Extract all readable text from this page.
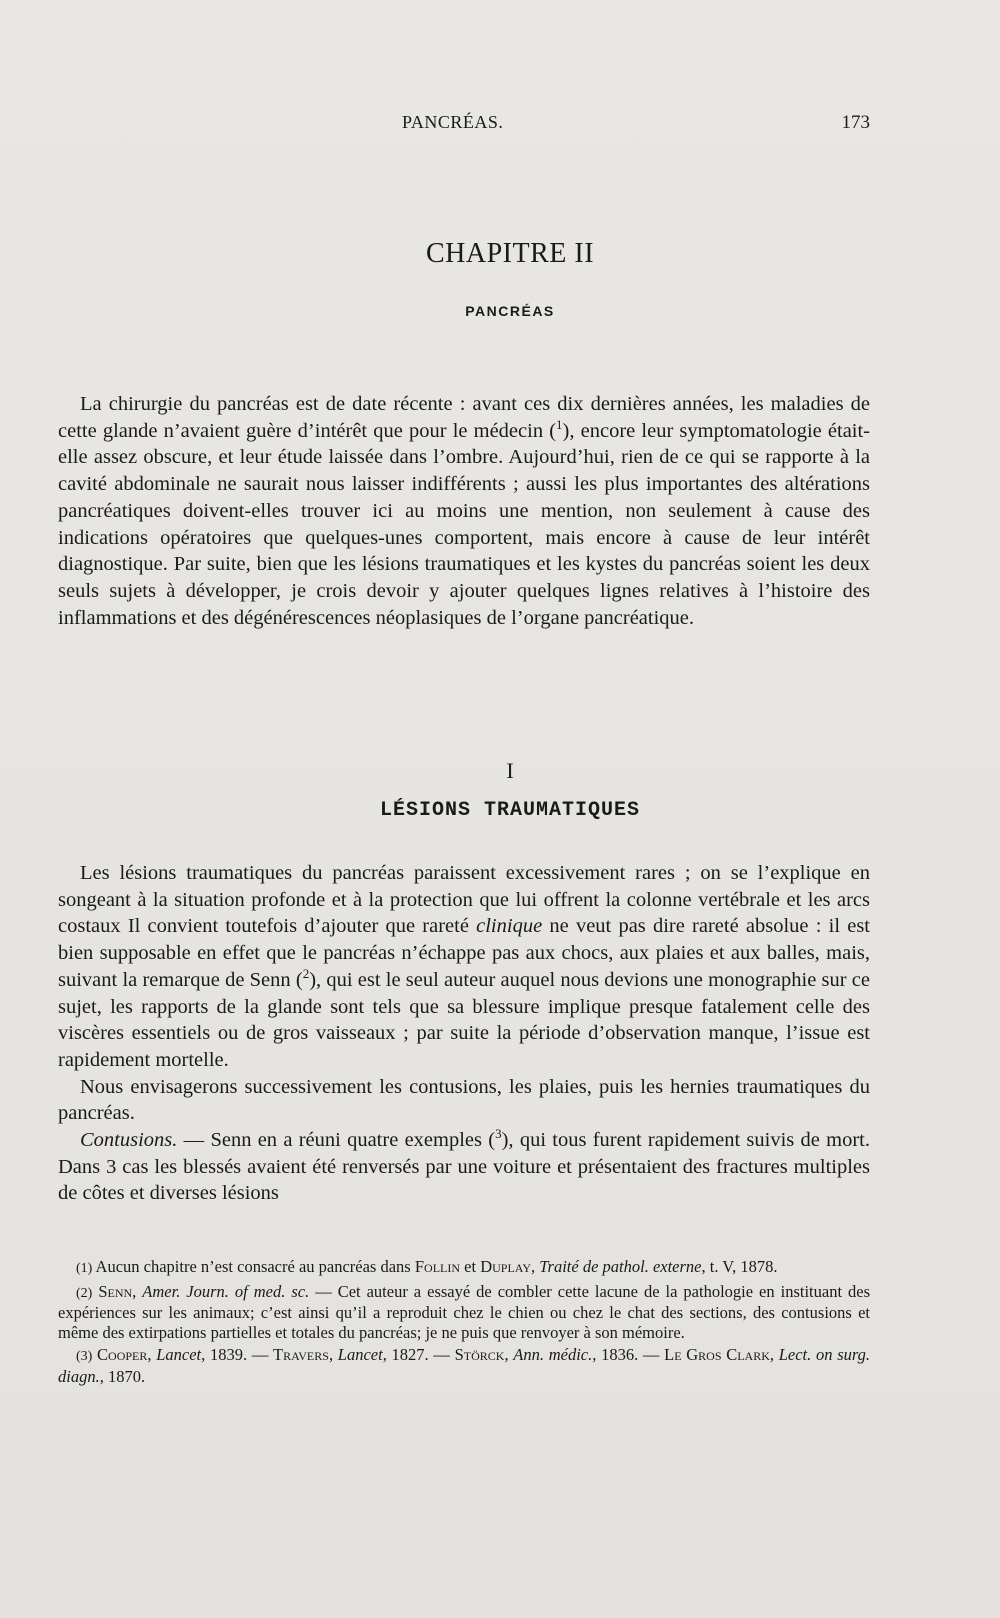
PANCRÉAS.	173
CHAPITRE II
PANCRÉAS

La chirurgie du pancréas est de date récente : avant ces dix dernières années, les maladies de cette glande n’avaient guère d’intérêt que pour le médecin ($^1$), encore leur symptomatologie était-elle assez obscure, et leur étude laissée dans l’ombre. Aujourd’hui, rien de ce qui se rapporte à la cavité abdominale ne saurait nous laisser indifférents ; aussi les plus importantes des altérations pancréatiques doivent-elles trouver ici au moins une mention, non seulement à cause des indications opératoires que quelques-unes comportent, mais encore à cause de leur intérêt diagnostique. Par suite, bien que les lésions traumatiques et les kystes du pancréas soient les deux seuls sujets à développer, je crois devoir y ajouter quelques lignes relatives à l’histoire des inflammations et des dégénérescences néoplasiques de l’organe pancréatique.

I
LÉSIONS TRAUMATIQUES

Les lésions traumatiques du pancréas paraissent excessivement rares ; on se l’explique en songeant à la situation profonde et à la protection que lui offrent la colonne vertébrale et les arcs costaux Il convient toutefois d’ajouter que rareté clinique ne veut pas dire rareté absolue : il est bien supposable en effet que le pancréas n’échappe pas aux chocs, aux plaies et aux balles, mais, suivant la remarque de Senn ($^2$), qui est le seul auteur auquel nous devions une monographie sur ce sujet, les rapports de la glande sont tels que sa blessure implique presque fatalement celle des viscères essentiels ou de gros vaisseaux ; par suite la période d’observation manque, l’issue est rapidement mortelle.

Nous envisagerons successivement les contusions, les plaies, puis les hernies traumatiques du pancréas.

Contusions. — Senn en a réuni quatre exemples ($^3$), qui tous furent rapidement suivis de mort. Dans 3 cas les blessés avaient été renversés par une voiture et présentaient des fractures multiples de côtes et diverses lésions

(1) Aucun chapitre n’est consacré au pancréas dans Follin et Duplay, Traité de pathol. externe, t. V, 1878.

(2) Senn, Amer. Journ. of med. sc. — Cet auteur a essayé de combler cette lacune de la pathologie en instituant des expériences sur les animaux; c’est ainsi qu’il a reproduit chez le chien ou chez le chat des sections, des contusions et même des extirpations partielles et totales du pancréas; je ne puis que renvoyer à son mémoire.

(3) Cooper, Lancet, 1839. — Travers, Lancet, 1827. — Störck, Ann. médic., 1836. — Le Gros Clark, Lect. on surg. diagn., 1870.
